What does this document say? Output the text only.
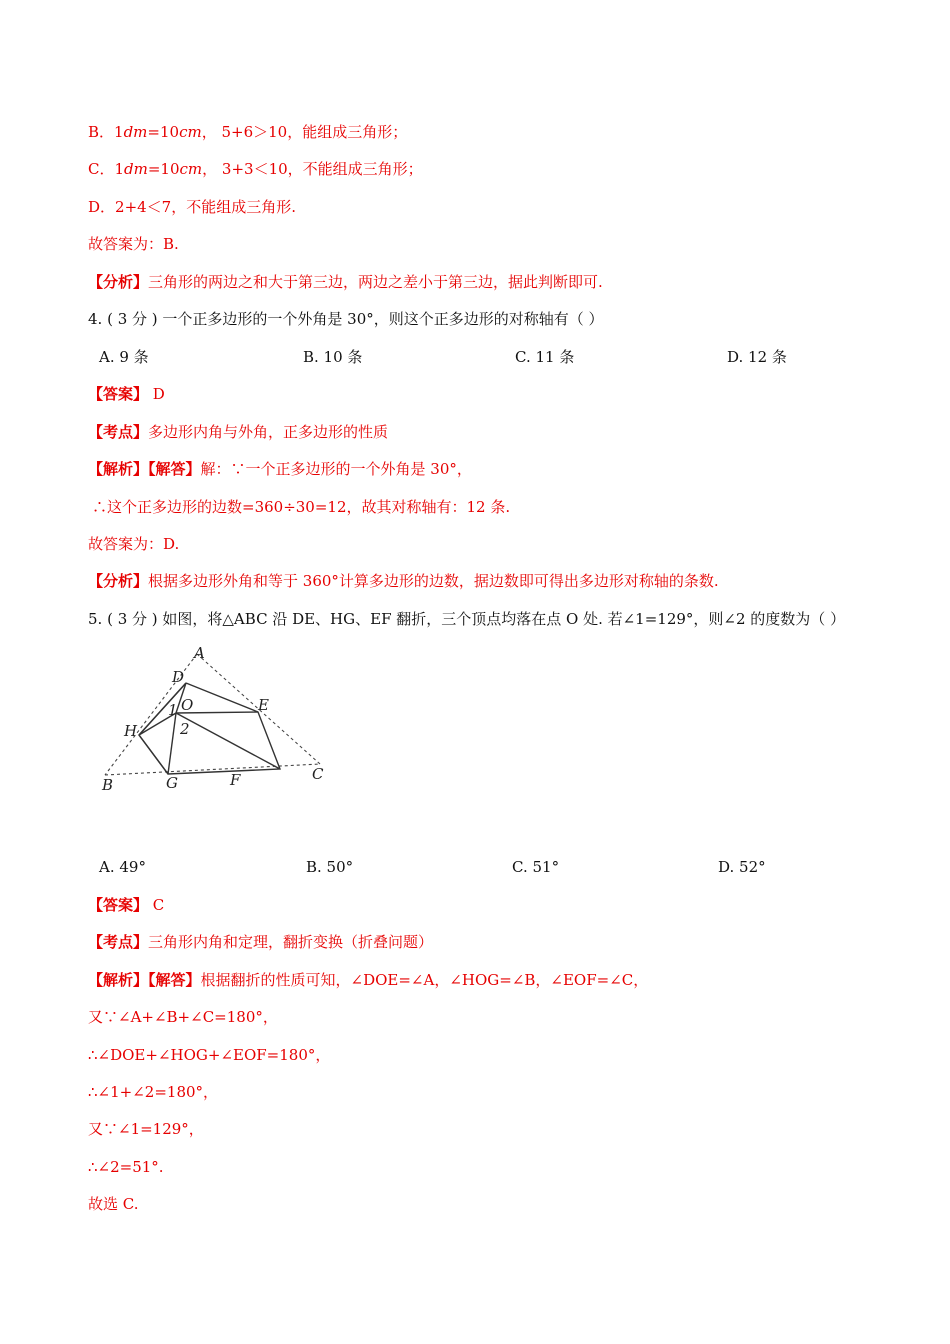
B．1dm=10cm， 5+6＞10，能组成三角形；
C．1dm=10cm， 3+3＜10，不能组成三角形；
D．2+4＜7，不能组成三角形.
故答案为：B.
【分析】三角形的两边之和大于第三边，两边之差小于第三边，据此判断即可.
4. ( 3 分 ) 一个正多边形的一个外角是 30°，则这个正多边形的对称轴有（ ）
A. 9 条	B. 10 条	C. 11 条	D. 12 条
【答案】 D
【考点】多边形内角与外角，正多边形的性质
【解析】【解答】解：∵一个正多边形的一个外角是 30°，
∴这个正多边形的边数=360÷30=12，故其对称轴有：12 条.
故答案为：D.
【分析】根据多边形外角和等于 360°计算多边形的边数，据边数即可得出多边形对称轴的条数.
5. ( 3 分 ) 如图，将△ABC 沿 DE、HG、EF 翻折，三个顶点均落在点 O 处. 若∠1=129°，则∠2 的度数为（ ）
A
D
O
1
2
E
H
B	G	F	C
A. 49°	B. 50°	C. 51°	D. 52°
【答案】 C
【考点】三角形内角和定理，翻折变换（折叠问题）
【解析】【解答】根据翻折的性质可知，∠DOE=∠A，∠HOG=∠B，∠EOF=∠C，
又∵∠A+∠B+∠C=180°，
∴∠DOE+∠HOG+∠EOF=180°，
∴∠1+∠2=180°，
又∵∠1=129°，
∴∠2=51°.
故选 C.
